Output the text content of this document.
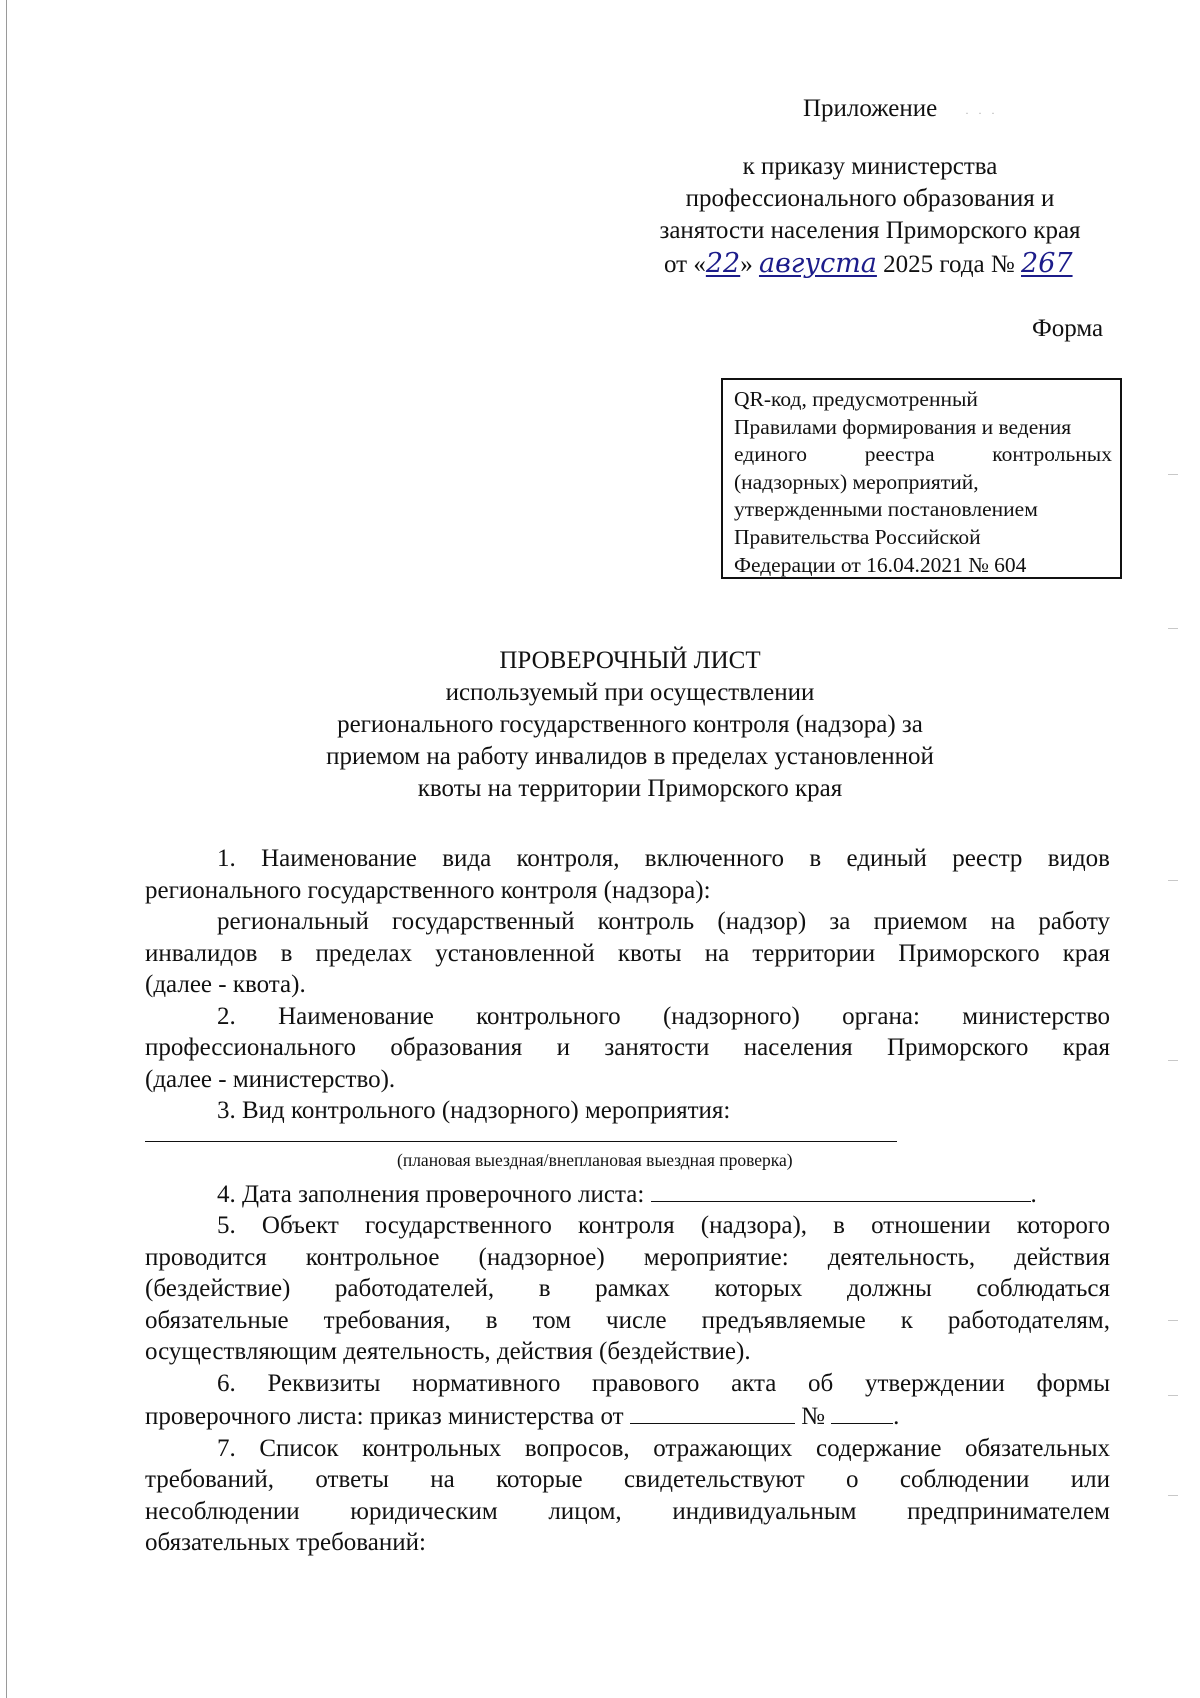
Приложение · · ·
к приказу министерства
профессионального образования и
занятости населения Приморского края
от «22» августа 2025 года № 267
Форма
QR-код, предусмотренный
Правилами формирования и ведения
единого	реестра	контрольных
(надзорных) мероприятий,
утвержденными постановлением
Правительства Российской
Федерации от 16.04.2021 № 604
ПРОВЕРОЧНЫЙ ЛИСТ
используемый при осуществлении
регионального государственного контроля (надзора) за
приемом на работу инвалидов в пределах установленной
квоты на территории Приморского края
1. Наименование вида контроля, включенного в единый реестр видов
регионального государственного контроля (надзора):
региональный государственный контроль (надзор) за приемом на работу
инвалидов в пределах установленной квоты на территории Приморского края
(далее - квота).
2. Наименование контрольного (надзорного) органа: министерство
профессионального образования и занятости населения Приморского края
(далее - министерство).
3. Вид контрольного (надзорного) мероприятия:
(плановая выездная/внеплановая выездная проверка)
4. Дата заполнения проверочного листа:	.
5. Объект государственного контроля (надзора), в отношении которого
проводится контрольное (надзорное) мероприятие: деятельность, действия
(бездействие) работодателей, в рамках которых должны соблюдаться
обязательные требования, в том числе предъявляемые к работодателям,
осуществляющим деятельность, действия (бездействие).
6. Реквизиты нормативного правового акта об утверждении формы
проверочного листа: приказ министерства от	№	.
7. Список контрольных вопросов, отражающих содержание обязательных
требований, ответы на которые свидетельствуют о соблюдении или
несоблюдении юридическим лицом, индивидуальным предпринимателем
обязательных требований:
